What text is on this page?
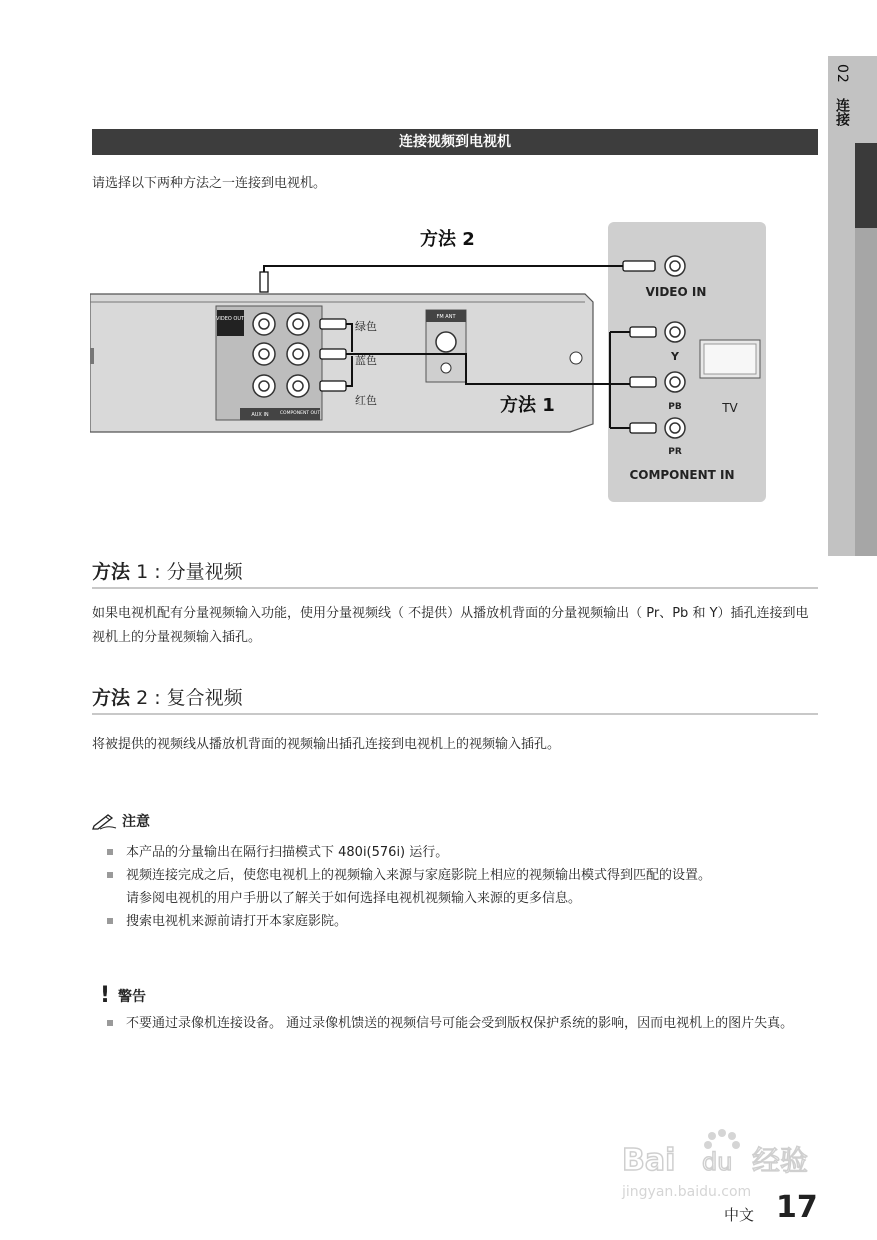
02 连接
连接视频到电视机
请选择以下两种方法之一连接到电视机。
VIDEO OUT
AUX IN	COMPONENT OUT
FM ANT
TV
VIDEO IN
Y
PB
PR
COMPONENT IN
绿色
蓝色
红色
方法 2
方法 1
方法 1 : 分量视频
如果电视机配有分量视频输入功能，使用分量视频线（ 不提供）从播放机背面的分量视频输出（ Pr、Pb 和 Y）插孔连接到电视机上的分量视频输入插孔。
方法 2 : 复合视频
将被提供的视频线从播放机背面的视频输出插孔连接到电视机上的视频输入插孔。
注意
本产品的分量输出在隔行扫描模式下 480i(576i) 运行。
视频连接完成之后，使您电视机上的视频输入来源与家庭影院上相应的视频输出模式得到匹配的设置。
请参阅电视机的用户手册以了解关于如何选择电视机视频输入来源的更多信息。
搜索电视机来源前请打开本家庭影院。
! 警告
不要通过录像机连接设备。 通过录像机馈送的视频信号可能会受到版权保护系统的影响，因而电视机上的图片失真。
Bai du 经验
jingyan.baidu.com
中文 17
